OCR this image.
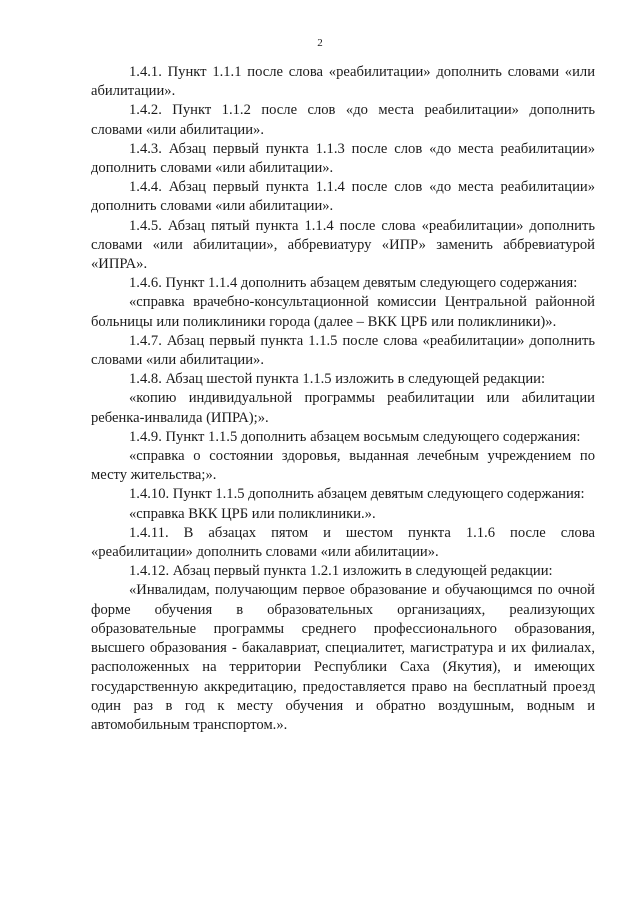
2

1.4.1. Пункт 1.1.1 после слова «реабилитации» дополнить словами «или абилитации».

1.4.2. Пункт 1.1.2 после слов «до места реабилитации» дополнить словами «или абилитации».

1.4.3. Абзац первый пункта 1.1.3 после слов «до места реабилитации» дополнить словами «или абилитации».

1.4.4. Абзац первый пункта 1.1.4 после слов «до места реабилитации» дополнить словами «или абилитации».

1.4.5. Абзац пятый пункта 1.1.4 после слова «реабилитации» дополнить словами «или абилитации», аббревиатуру «ИПР» заменить аббревиатурой «ИПРА».

1.4.6. Пункт 1.1.4 дополнить абзацем девятым следующего содержания:

«справка врачебно-консультационной комиссии Центральной районной больницы или поликлиники города (далее – ВКК ЦРБ или поликлиники)».

1.4.7. Абзац первый пункта 1.1.5 после слова «реабилитации» дополнить словами «или абилитации».

1.4.8. Абзац шестой пункта 1.1.5 изложить в следующей редакции:

«копию индивидуальной программы реабилитации или абилитации ребенка-инвалида (ИПРА);».

1.4.9. Пункт 1.1.5 дополнить абзацем восьмым следующего содержания:

«справка о состоянии здоровья, выданная лечебным учреждением по месту жительства;».

1.4.10. Пункт 1.1.5 дополнить абзацем девятым следующего содержания:

«справка ВКК ЦРБ или поликлиники.».

1.4.11. В абзацах пятом и шестом пункта 1.1.6 после слова «реабилитации» дополнить словами «или абилитации».

1.4.12. Абзац первый пункта 1.2.1 изложить в следующей редакции:

«Инвалидам, получающим первое образование и обучающимся по очной форме обучения в образовательных организациях, реализующих образовательные программы среднего профессионального образования, высшего образования - бакалавриат, специалитет, магистратура и их филиалах, расположенных на территории Республики Саха (Якутия), и имеющих государственную аккредитацию, предоставляется право на бесплатный проезд один раз в год к месту обучения и обратно воздушным, водным и автомобильным транспортом.».
